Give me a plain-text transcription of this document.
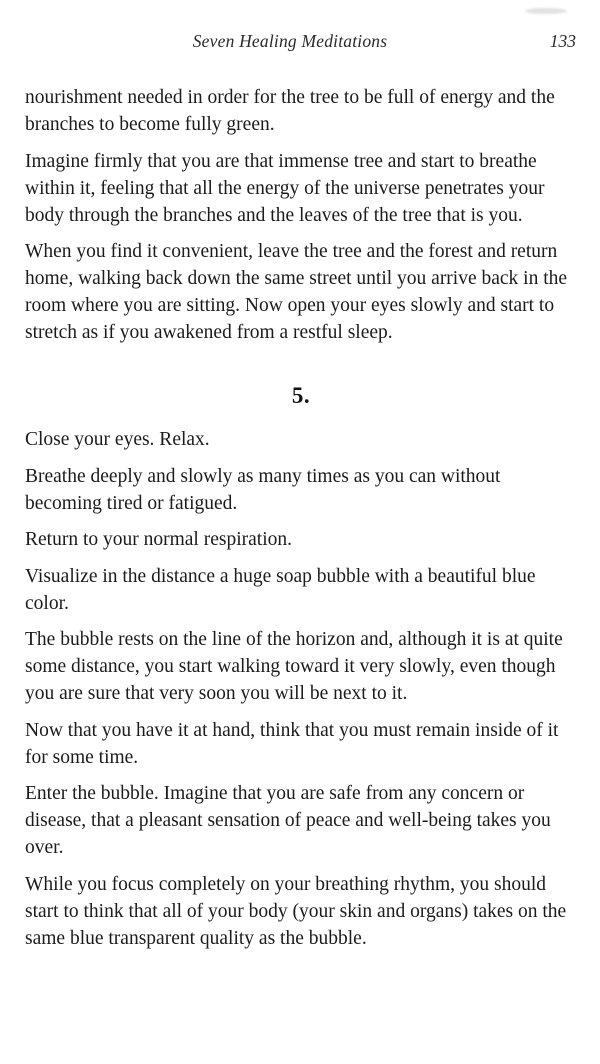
Seven Healing Meditations	133

nourishment needed in order for the tree to be full of energy and the branches to become fully green.

Imagine firmly that you are that immense tree and start to breathe within it, feeling that all the energy of the universe penetrates your body through the branches and the leaves of the tree that is you.

When you find it convenient, leave the tree and the forest and return home, walking back down the same street until you arrive back in the room where you are sitting. Now open your eyes slowly and start to stretch as if you awakened from a restful sleep.

5.

Close your eyes. Relax.

Breathe deeply and slowly as many times as you can without becoming tired or fatigued.

Return to your normal respiration.

Visualize in the distance a huge soap bubble with a beautiful blue color.

The bubble rests on the line of the horizon and, although it is at quite some distance, you start walking toward it very slowly, even though you are sure that very soon you will be next to it.

Now that you have it at hand, think that you must remain inside of it for some time.

Enter the bubble. Imagine that you are safe from any concern or disease, that a pleasant sensation of peace and well-being takes you over.

While you focus completely on your breathing rhythm, you should start to think that all of your body (your skin and organs) takes on the same blue transparent quality as the bubble.
